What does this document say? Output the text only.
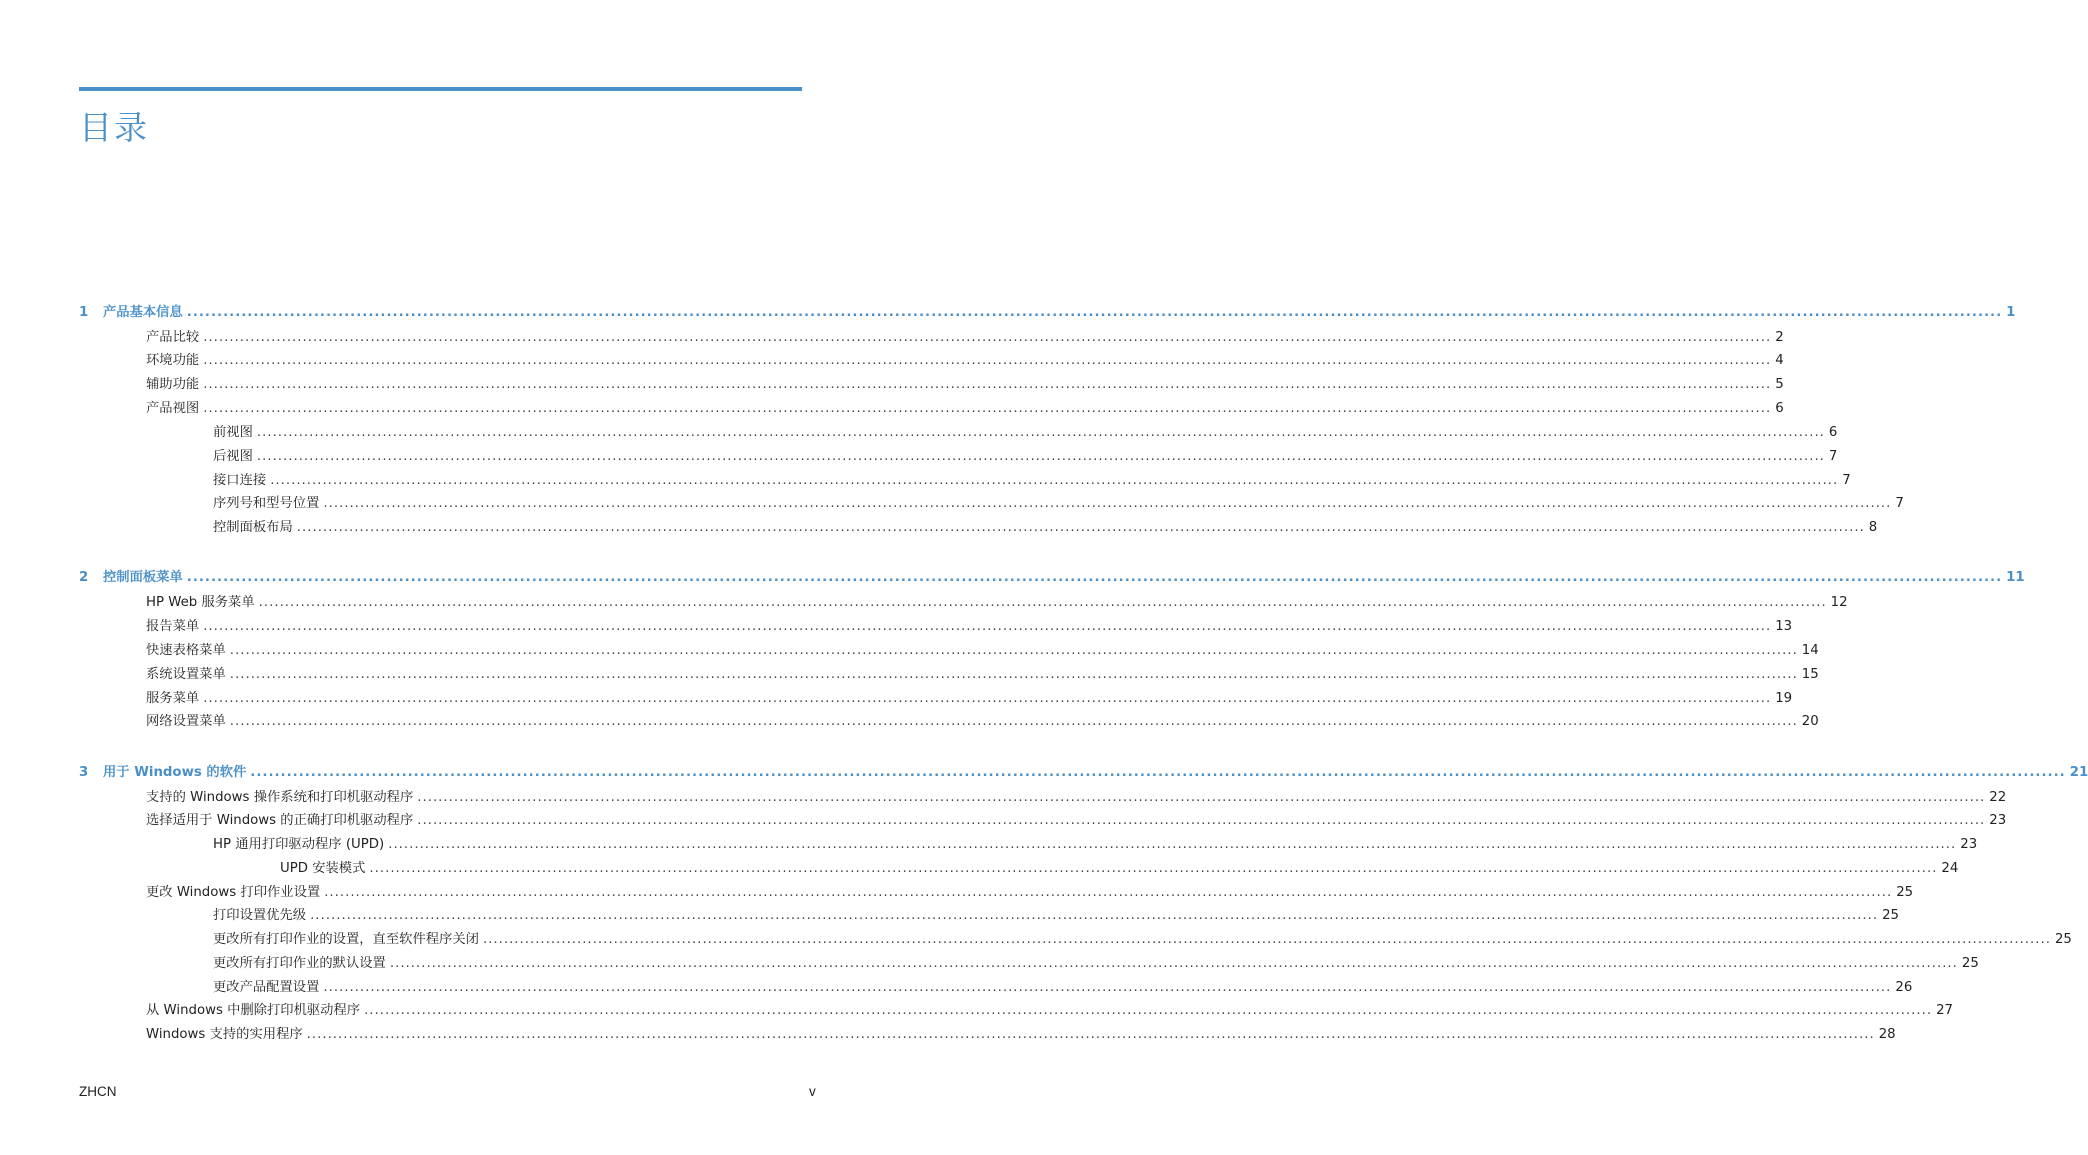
目录
1 产品基本信息 ............................................................................................................................................................................................................................................................................................................ 1
产品比较 ............................................................................................................................................................................................................................................................................................................ 2
环境功能 ............................................................................................................................................................................................................................................................................................................ 4
辅助功能 ............................................................................................................................................................................................................................................................................................................ 5
产品视图 ............................................................................................................................................................................................................................................................................................................ 6
前视图 ............................................................................................................................................................................................................................................................................................................ 6
后视图 ............................................................................................................................................................................................................................................................................................................ 7
接口连接 ............................................................................................................................................................................................................................................................................................................ 7
序列号和型号位置 ............................................................................................................................................................................................................................................................................................................ 7
控制面板布局 ............................................................................................................................................................................................................................................................................................................ 8
2 控制面板菜单 ............................................................................................................................................................................................................................................................................................................ 11
HP Web 服务菜单 ............................................................................................................................................................................................................................................................................................................ 12
报告菜单 ............................................................................................................................................................................................................................................................................................................ 13
快速表格菜单 ............................................................................................................................................................................................................................................................................................................ 14
系统设置菜单 ............................................................................................................................................................................................................................................................................................................ 15
服务菜单 ............................................................................................................................................................................................................................................................................................................ 19
网络设置菜单 ............................................................................................................................................................................................................................................................................................................ 20
3 用于 Windows 的软件 ............................................................................................................................................................................................................................................................................................................ 21
支持的 Windows 操作系统和打印机驱动程序 ............................................................................................................................................................................................................................................................................................................ 22
选择适用于 Windows 的正确打印机驱动程序 ............................................................................................................................................................................................................................................................................................................ 23
HP 通用打印驱动程序 (UPD) ............................................................................................................................................................................................................................................................................................................ 23
UPD 安装模式 ............................................................................................................................................................................................................................................................................................................ 24
更改 Windows 打印作业设置 ............................................................................................................................................................................................................................................................................................................ 25
打印设置优先级 ............................................................................................................................................................................................................................................................................................................ 25
更改所有打印作业的设置，直至软件程序关闭 ............................................................................................................................................................................................................................................................................................................ 25
更改所有打印作业的默认设置 ............................................................................................................................................................................................................................................................................................................ 25
更改产品配置设置 ............................................................................................................................................................................................................................................................................................................ 26
从 Windows 中删除打印机驱动程序 ............................................................................................................................................................................................................................................................................................................ 27
Windows 支持的实用程序 ............................................................................................................................................................................................................................................................................................................ 28
ZHCN	v
